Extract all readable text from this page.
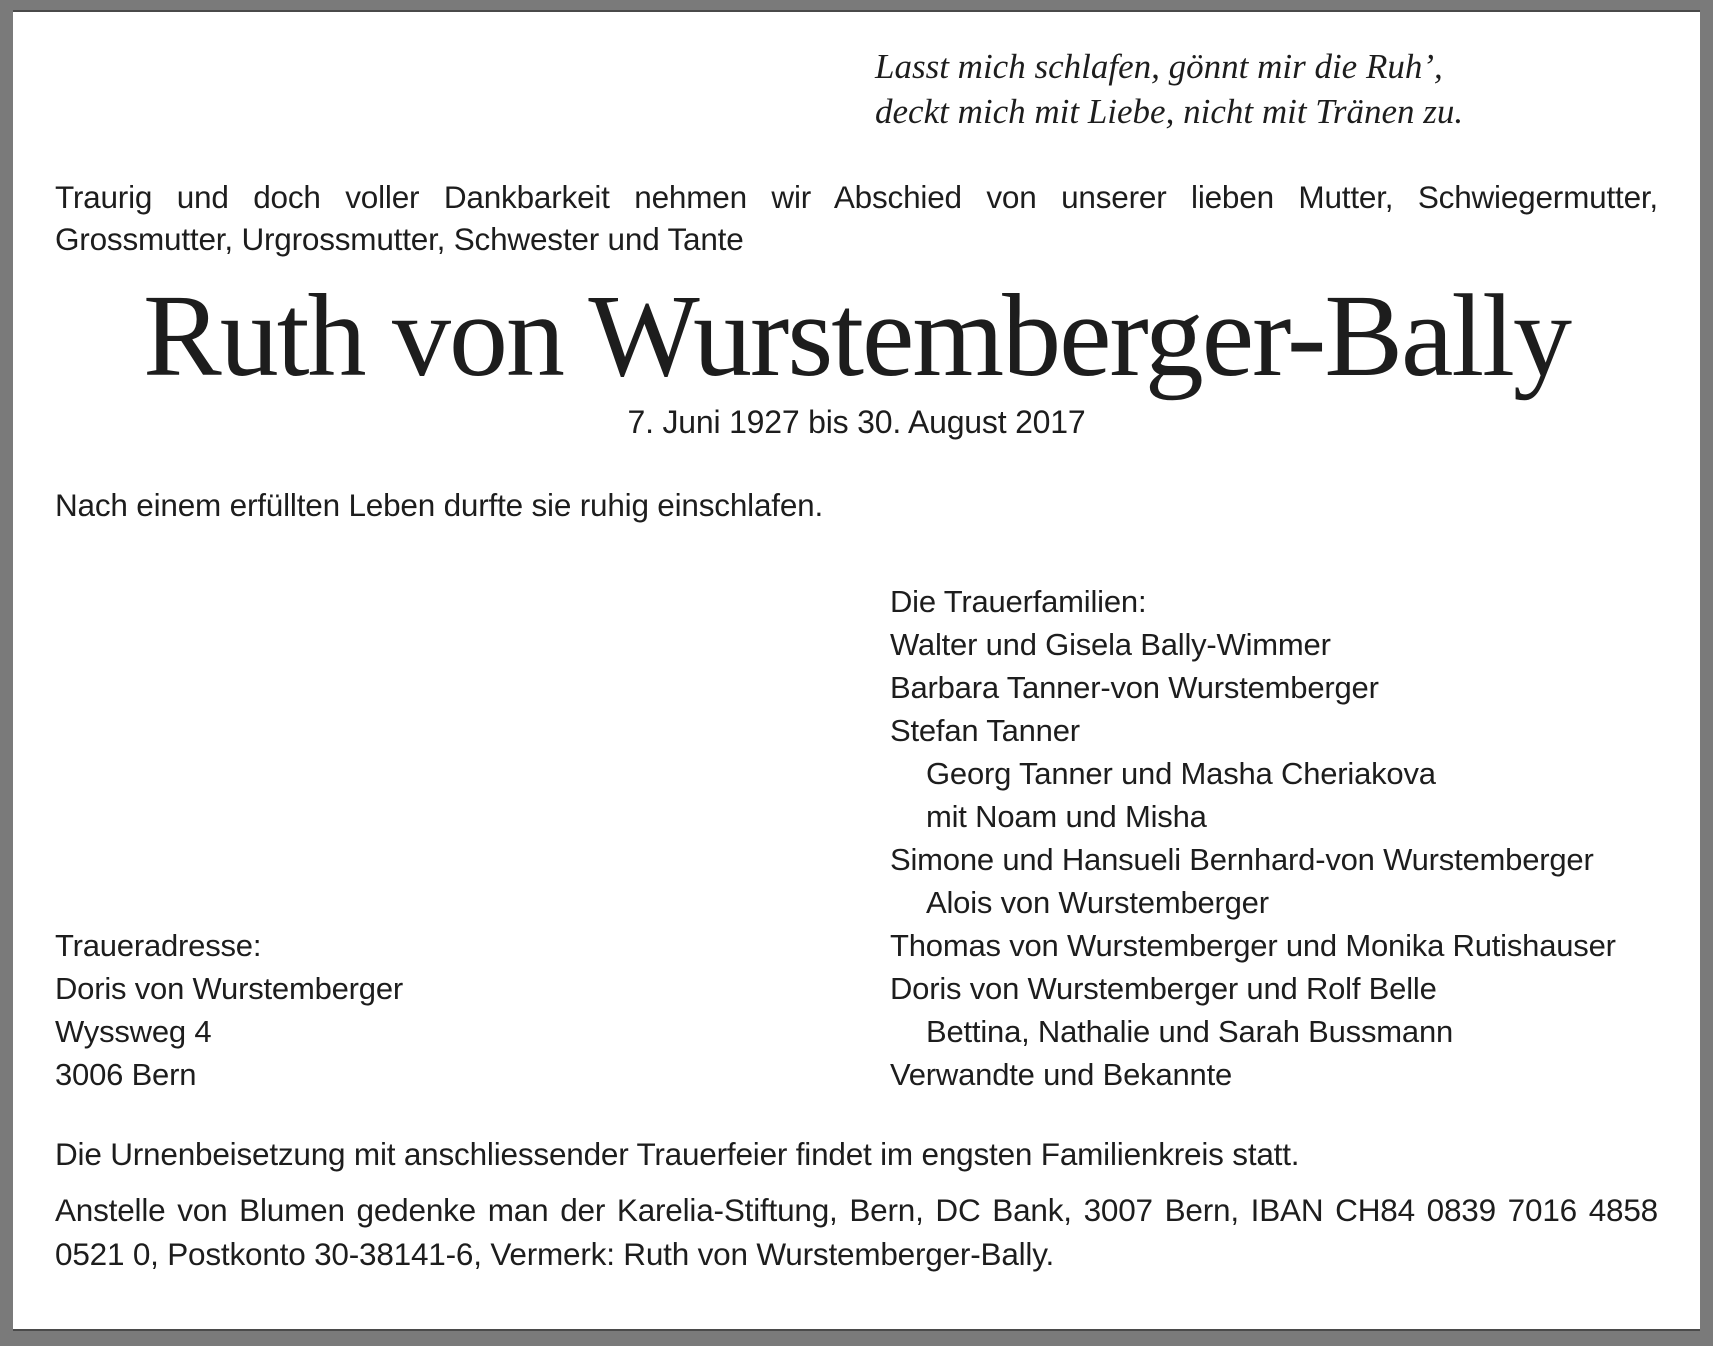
Lasst mich schlafen, gönnt mir die Ruh’,
deckt mich mit Liebe, nicht mit Tränen zu.
Traurig und doch voller Dankbarkeit nehmen wir Abschied von unserer lieben Mutter, Schwiegermutter,
Grossmutter, Urgrossmutter, Schwester und Tante
Ruth von Wurstemberger-Bally
7. Juni 1927 bis 30. August 2017

Nach einem erfüllten Leben durfte sie ruhig einschlafen.

Traueradresse:
Doris von Wurstemberger
Wyssweg 4
3006 Bern
Die Trauerfamilien:
Walter und Gisela Bally-Wimmer
Barbara Tanner-von Wurstemberger
Stefan Tanner
Georg Tanner und Masha Cheriakova
mit Noam und Misha
Simone und Hansueli Bernhard-von Wurstemberger
Alois von Wurstemberger
Thomas von Wurstemberger und Monika Rutishauser
Doris von Wurstemberger und Rolf Belle
Bettina, Nathalie und Sarah Bussmann
Verwandte und Bekannte

Die Urnenbeisetzung mit anschliessender Trauerfeier findet im engsten Familienkreis statt.

Anstelle von Blumen gedenke man der Karelia-Stiftung, Bern, DC Bank, 3007 Bern, IBAN CH84 0839 7016 4858
0521 0, Postkonto 30-38141-6, Vermerk: Ruth von Wurstemberger-Bally.
